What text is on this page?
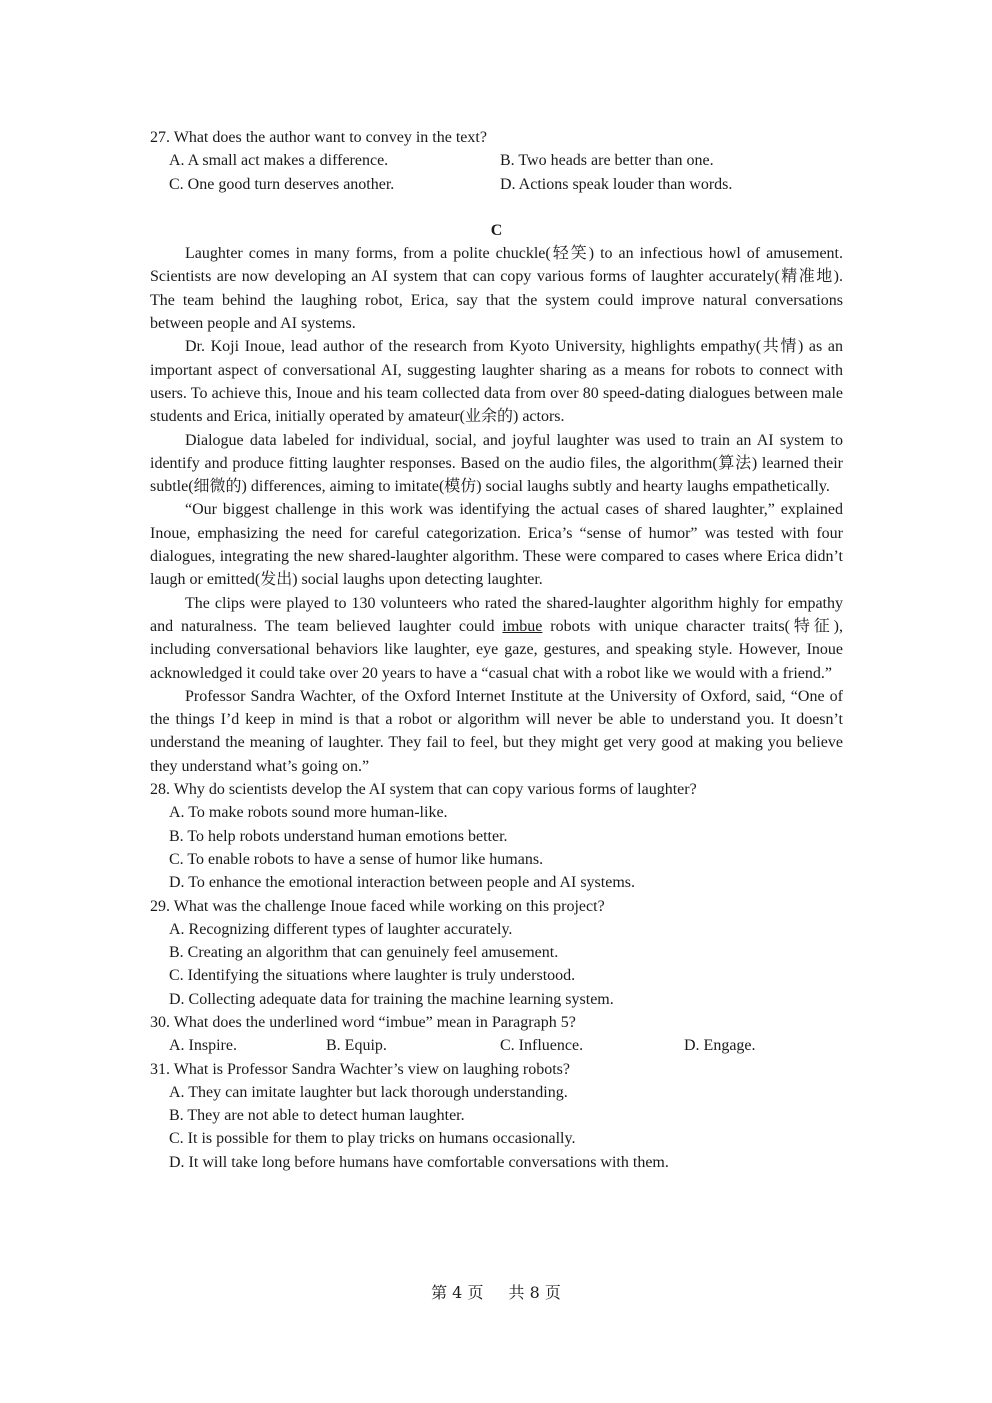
27. What does the author want to convey in the text?
A. A small act makes a difference.	B. Two heads are better than one.
C. One good turn deserves another.	D. Actions speak louder than words.
C

Laughter comes in many forms, from a polite chuckle(轻笑) to an infectious howl of amusement. Scientists are now developing an AI system that can copy various forms of laughter accurately(精准地). The team behind the laughing robot, Erica, say that the system could improve natural conversations between people and AI systems.

Dr. Koji Inoue, lead author of the research from Kyoto University, highlights empathy(共情) as an important aspect of conversational AI, suggesting laughter sharing as a means for robots to connect with users. To achieve this, Inoue and his team collected data from over 80 speed-dating dialogues between male students and Erica, initially operated by amateur(业余的) actors.

Dialogue data labeled for individual, social, and joyful laughter was used to train an AI system to identify and produce fitting laughter responses. Based on the audio files, the algorithm(算法) learned their subtle(细微的) differences, aiming to imitate(模仿) social laughs subtly and hearty laughs empathetically.

“Our biggest challenge in this work was identifying the actual cases of shared laughter,” explained Inoue, emphasizing the need for careful categorization. Erica’s “sense of humor” was tested with four dialogues, integrating the new shared-laughter algorithm. These were compared to cases where Erica didn’t laugh or emitted(发出) social laughs upon detecting laughter.

The clips were played to 130 volunteers who rated the shared-laughter algorithm highly for empathy and naturalness. The team believed laughter could imbue robots with unique character traits(特征), including conversational behaviors like laughter, eye gaze, gestures, and speaking style. However, Inoue acknowledged it could take over 20 years to have a “casual chat with a robot like we would with a friend.”

Professor Sandra Wachter, of the Oxford Internet Institute at the University of Oxford, said, “One of the things I’d keep in mind is that a robot or algorithm will never be able to understand you. It doesn’t understand the meaning of laughter. They fail to feel, but they might get very good at making you believe they understand what’s going on.”

28. Why do scientists develop the AI system that can copy various forms of laughter?
A. To make robots sound more human-like.
B. To help robots understand human emotions better.
C. To enable robots to have a sense of humor like humans.
D. To enhance the emotional interaction between people and AI systems.
29. What was the challenge Inoue faced while working on this project?
A. Recognizing different types of laughter accurately.
B. Creating an algorithm that can genuinely feel amusement.
C. Identifying the situations where laughter is truly understood.
D. Collecting adequate data for training the machine learning system.
30. What does the underlined word “imbue” mean in Paragraph 5?
A. Inspire.	B. Equip.	C. Influence.	D. Engage.
31. What is Professor Sandra Wachter’s view on laughing robots?
A. They can imitate laughter but lack thorough understanding.
B. They are not able to detect human laughter.
C. It is possible for them to play tricks on humans occasionally.
D. It will take long before humans have comfortable conversations with them.
第 4 页 共 8 页
